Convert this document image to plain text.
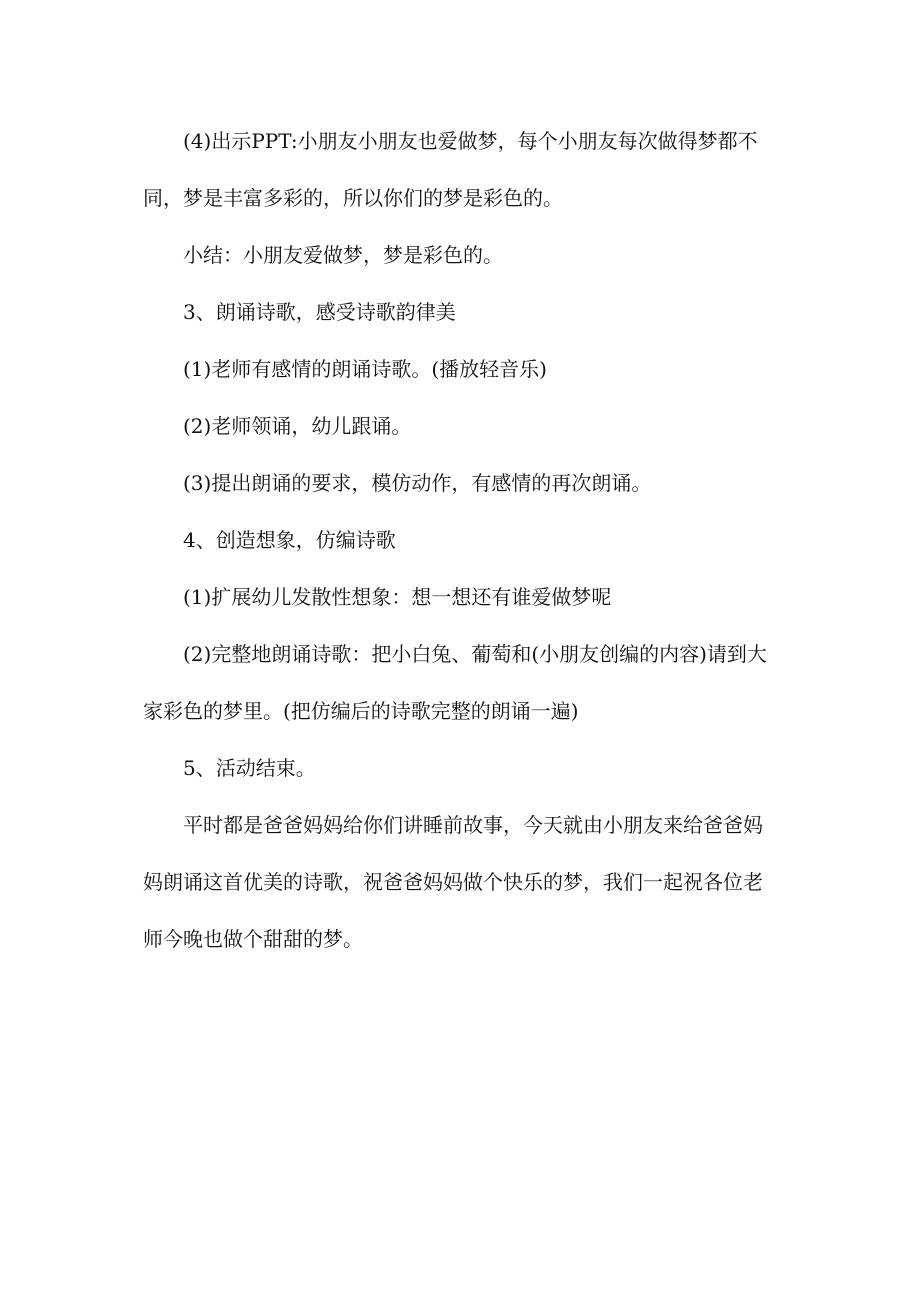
(4)出示PPT:小朋友小朋友也爱做梦，每个小朋友每次做得梦都不同，梦是丰富多彩的，所以你们的梦是彩色的。

小结：小朋友爱做梦，梦是彩色的。

3、朗诵诗歌，感受诗歌韵律美

(1)老师有感情的朗诵诗歌。(播放轻音乐)

(2)老师领诵，幼儿跟诵。

(3)提出朗诵的要求，模仿动作，有感情的再次朗诵。

4、创造想象，仿编诗歌

(1)扩展幼儿发散性想象：想一想还有谁爱做梦呢

(2)完整地朗诵诗歌：把小白兔、葡萄和(小朋友创编的内容)请到大家彩色的梦里。(把仿编后的诗歌完整的朗诵一遍)

5、活动结束。

平时都是爸爸妈妈给你们讲睡前故事，今天就由小朋友来给爸爸妈妈朗诵这首优美的诗歌，祝爸爸妈妈做个快乐的梦，我们一起祝各位老师今晚也做个甜甜的梦。
